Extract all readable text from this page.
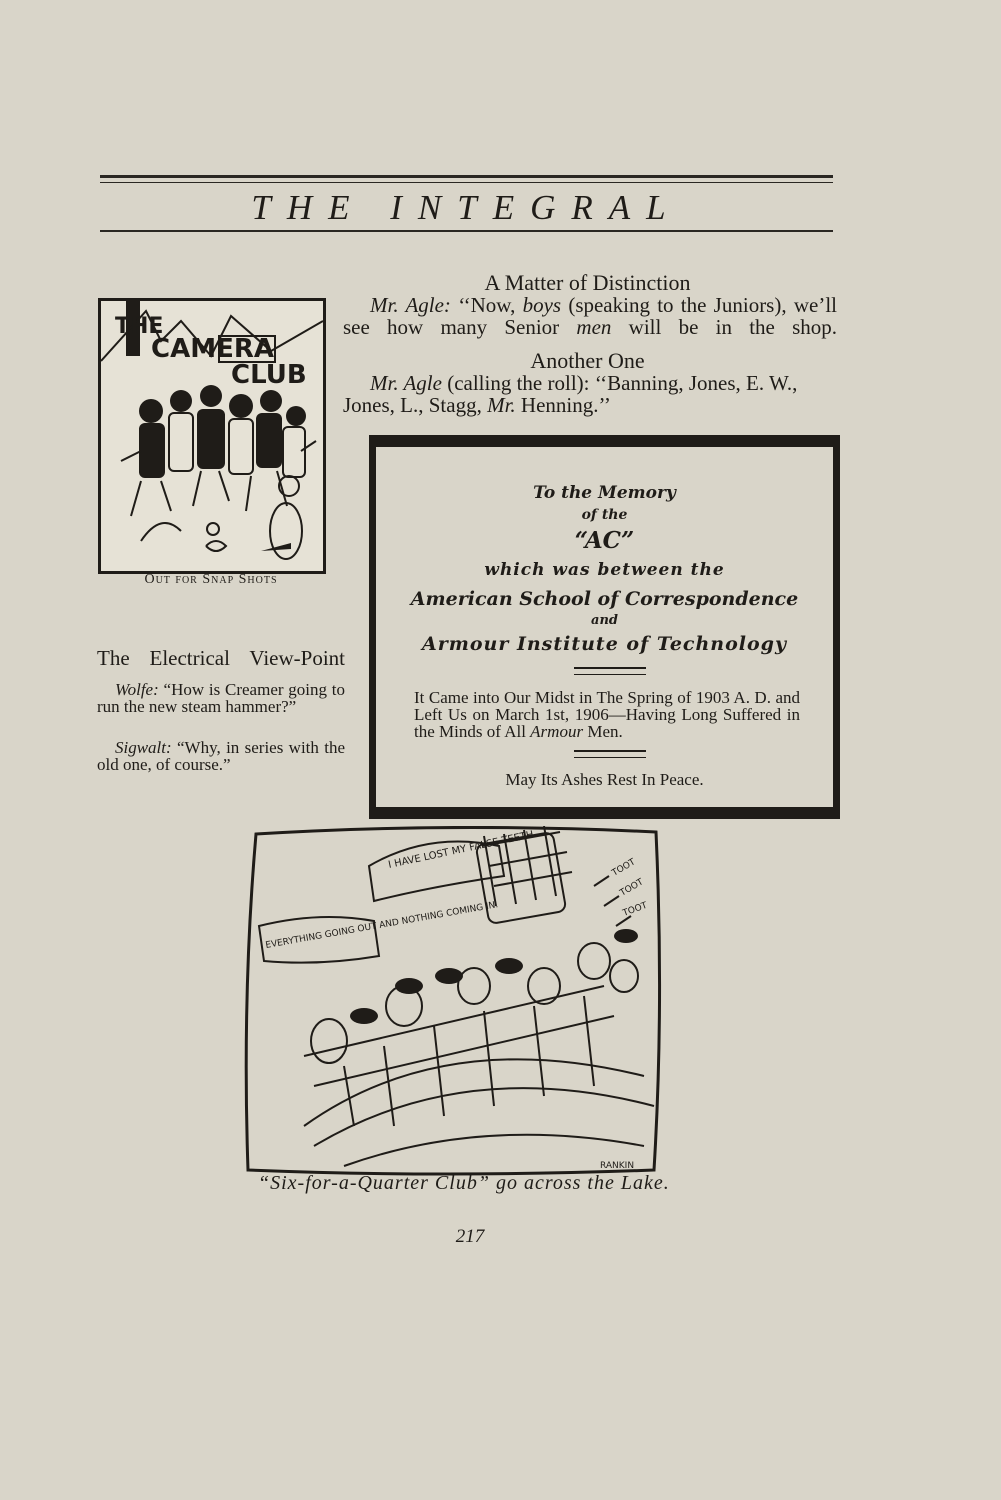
THE INTEGRAL
THE
CAMERA
CLUB
Out for Snap Shots
A Matter of Distinction
Mr. Agle: ‘‘Now, boys (speaking to the Juniors), we’ll see how many Senior men will be in the shop.
Another One
Mr. Agle (calling the roll): ‘‘Banning, Jones, E. W., Jones, L., Stagg, Mr. Henning.’’
The Electrical View-Point
Wolfe: “How is Creamer going to run the new steam hammer?”
Sigwalt: “Why, in series with the old one, of course.”
To the Memory
of the
“AC”
which was between the
American School of Correspondence
and
Armour Institute of Technology
It Came into Our Midst in The Spring of 1903 A. D. and Left Us on March 1st, 1906—Having Long Suffered in the Minds of All Armour Men.
May Its Ashes Rest In Peace.
I HAVE LOST MY FALSE TEETH.
EVERYTHING GOING OUT AND NOTHING COMING IN.
TOOT
TOOT
TOOT
RANKIN
“Six-for-a-Quarter Club” go across the Lake.
217
